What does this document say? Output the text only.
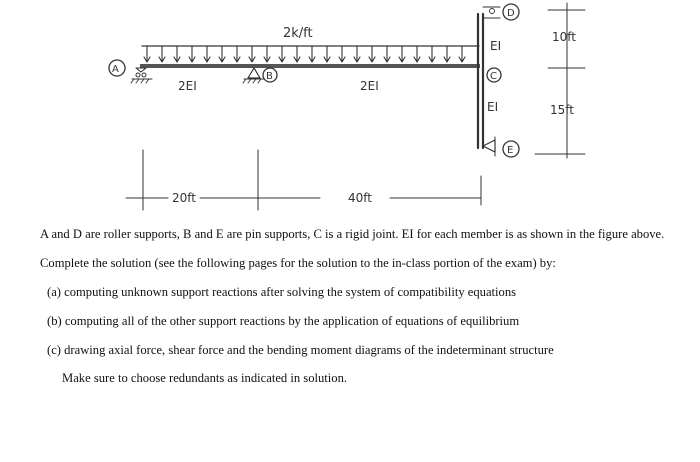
2k/ft
A
B
2EI	2EI
EI
EI
D
C
E
10ft
15ft
20ft	40ft

A and D are roller supports, B and E are pin supports, C is a rigid joint. EI for each member is as shown in the figure above.

Complete the solution (see the following pages for the solution to the in-class portion of the exam) by:

(a) computing unknown support reactions after solving the system of compatibility equations

(b) computing all of the other support reactions by the application of equations of equilibrium

(c) drawing axial force, shear force and the bending moment diagrams of the indeterminant structure

Make sure to choose redundants as indicated in solution.
